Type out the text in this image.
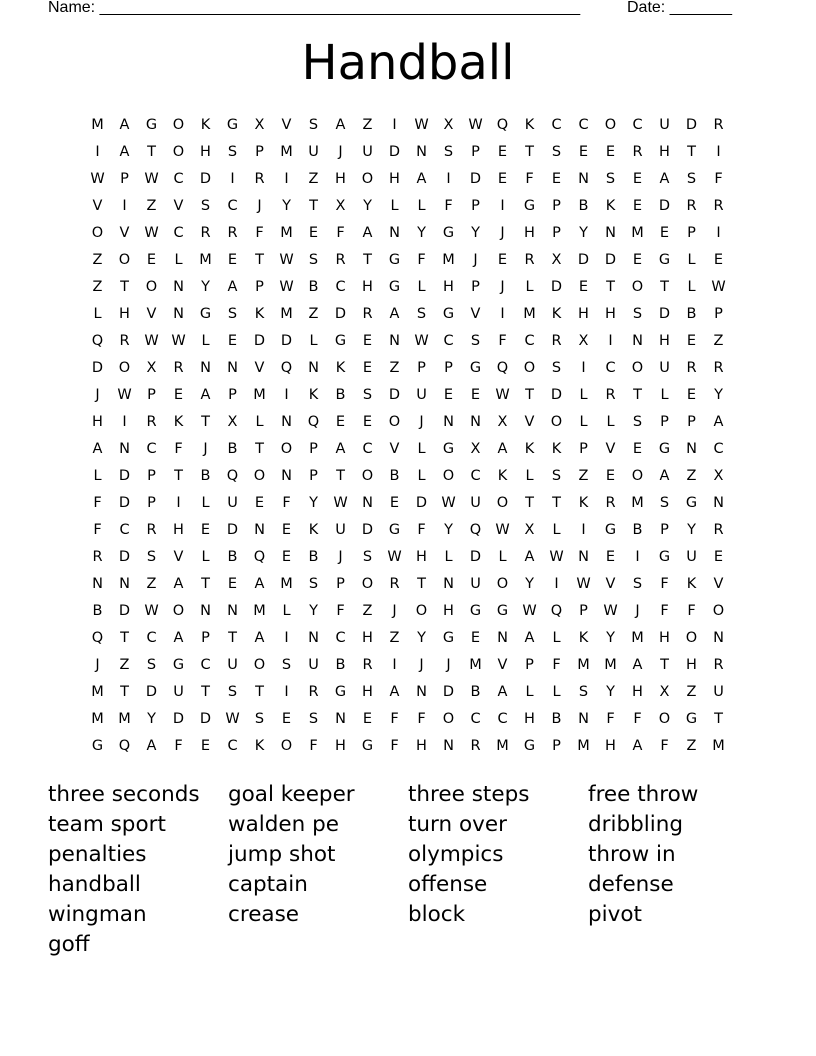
Name: ______________________________________________________	Date: _______
Handball
M	A	G	O	K	G	X	V	S	A	Z	I	W	X	W Q	K	C	C	O	C	U	D	R
I	A	T	O	H	S	P	M	U	J	U	D	N	S	P	E	T	S	E	E	R	H	T	I
W	P	W	C	D	I	R	I	Z	H	O	H	A	I	D	E	F	E	N	S	E	A	S	F
V	I	Z	V	S	C	J	Y	T	X	Y	L	L	F	P	I	G	P	B	K	E	D	R	R
O	V	W	C	R	R	F	M	E	F	A	N	Y	G	Y	J	H	P	Y	N	M	E	P	I
Z	O	E	L	M	E	T	W	S	R	T	G	F	M	J	E	R	X	D	D	E	G	L	E
Z	T	O	N	Y	A	P	W	B	C	H	G	L	H	P	J	L	D	E	T	O	T	L	W
L	H	V	N	G	S	K	M	Z	D	R	A	S	G	V	I	M	K	H	H	S	D	B	P
Q	R	W W	L	E	D	D	L	G	E	N W	C	S	F	C	R	X	I	N	H	E	Z
D	O	X	R	N	N	V	Q	N	K	E	Z	P	P	G	Q	O	S	I	C	O	U	R	R
J	W	P	E	A	P	M	I	K	B	S	D	U	E	E	W	T	D	L	R	T	L	E	Y
H	I	R	K	T	X	L	N	Q	E	E	O	J	N	N	X	V	O	L	L	S	P	P	A
A	N	C	F	J	B	T	O	P	A	C	V	L	G	X	A	K	K	P	V	E	G	N	C
L	D	P	T	B	Q	O	N	P	T	O	B	L	O	C	K	L	S	Z	E	O	A	Z	X
F	D	P	I	L	U	E	F	Y	W N	E	D W	U	O	T	T	K	R	M	S	G	N
F	C	R	H	E	D	N	E	K	U	D	G	F	Y	Q W	X	L	I	G	B	P	Y	R
R	D	S	V	L	B	Q	E	B	J	S	W H	L	D	L	A	W N	E	I	G	U	E
N	N	Z	A	T	E	A	M	S	P	O	R	T	N	U	O	Y	I	W	V	S	F	K	V
B	D W O	N	N	M	L	Y	F	Z	J	O	H	G	G W Q	P	W	J	F	F	O
Q	T	C	A	P	T	A	I	N	C	H	Z	Y	G	E	N	A	L	K	Y	M	H	O	N
J	Z	S	G	C	U	O	S	U	B	R	I	J	J	M	V	P	F	M M	A	T	H	R
M	T	D	U	T	S	T	I	R	G	H	A	N	D	B	A	L	L	S	Y	H	X	Z	U
M M	Y	D	D W	S	E	S	N	E	F	F	O	C	C	H	B	N	F	F	O	G	T
G	Q	A	F	E	C	K	O	F	H	G	F	H	N	R	M	G	P	M	H	A	F	Z	M
three seconds	goal keeper	three steps	free throw
team sport	walden pe	turn over	dribbling
penalties	jump shot	olympics	throw in
handball	captain	offense	defense
wingman	crease	block	pivot
goff
